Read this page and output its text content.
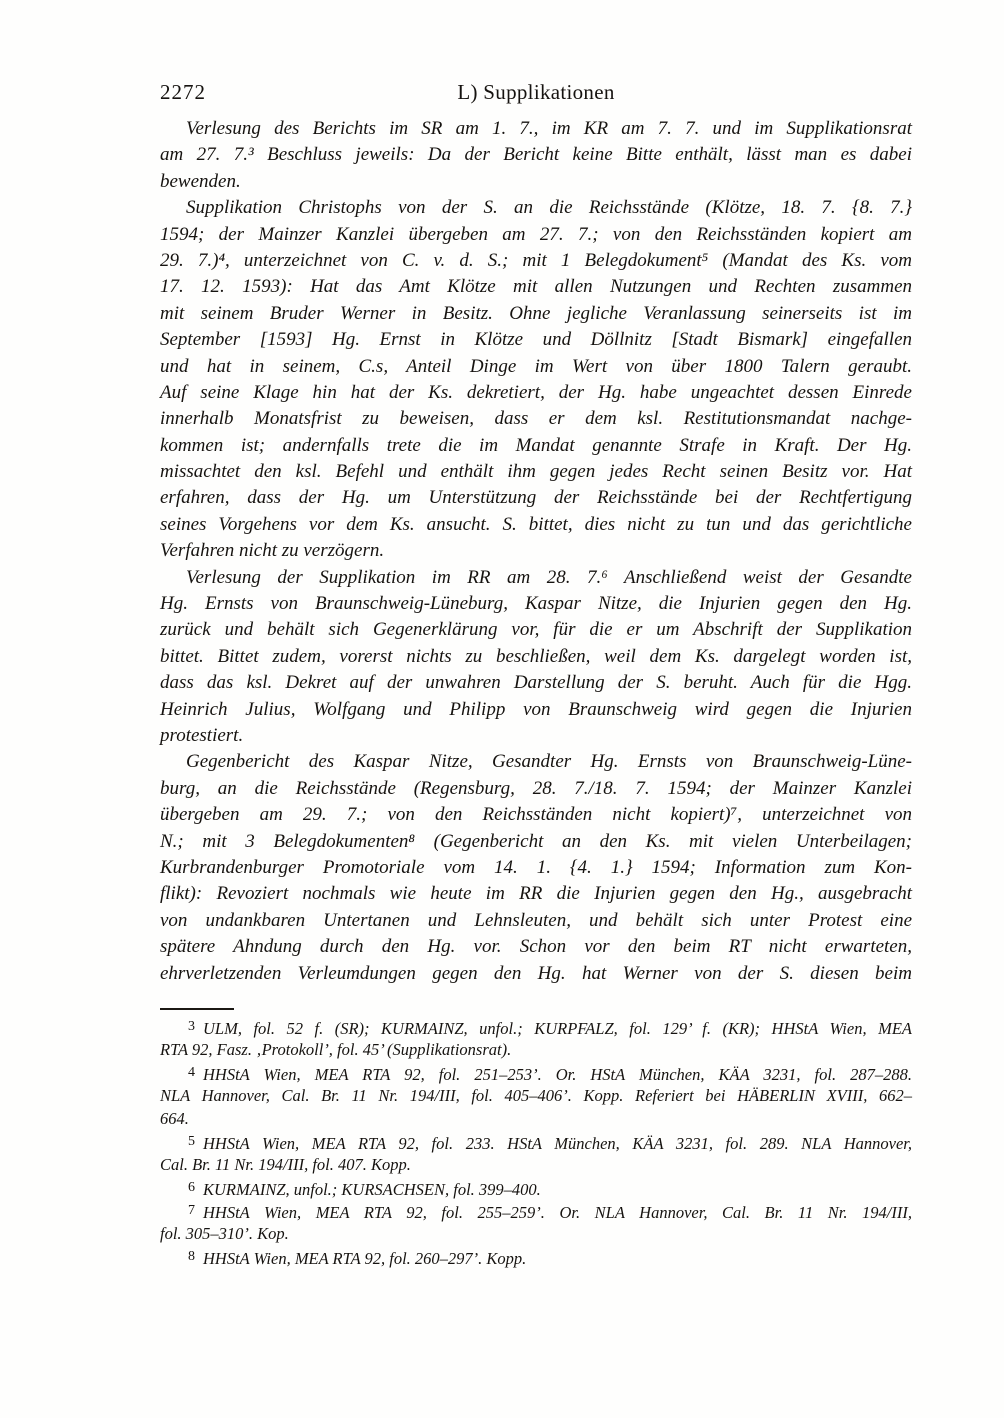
2272	L) Supplikationen
Verlesung des Berichts im SR am 1. 7., im KR am 7. 7. und im Supplikationsrat
am 27. 7.³ Beschluss jeweils: Da der Bericht keine Bitte enthält, lässt man es dabei
bewenden.
Supplikation Christophs von der S. an die Reichsstände (Klötze, 18. 7. {8. 7.}
1594; der Mainzer Kanzlei übergeben am 27. 7.; von den Reichsständen kopiert am
29. 7.)⁴, unterzeichnet von C. v. d. S.; mit 1 Belegdokument⁵ (Mandat des Ks. vom
17. 12. 1593): Hat das Amt Klötze mit allen Nutzungen und Rechten zusammen
mit seinem Bruder Werner in Besitz. Ohne jegliche Veranlassung seinerseits ist im
September [1593] Hg. Ernst in Klötze und Döllnitz [Stadt Bismark] eingefallen
und hat in seinem, C.s, Anteil Dinge im Wert von über 1800 Talern geraubt.
Auf seine Klage hin hat der Ks. dekretiert, der Hg. habe ungeachtet dessen Einrede
innerhalb Monatsfrist zu beweisen, dass er dem ksl. Restitutionsmandat nachge-
kommen ist; andernfalls trete die im Mandat genannte Strafe in Kraft. Der Hg.
missachtet den ksl. Befehl und enthält ihm gegen jedes Recht seinen Besitz vor. Hat
erfahren, dass der Hg. um Unterstützung der Reichsstände bei der Rechtfertigung
seines Vorgehens vor dem Ks. ansucht. S. bittet, dies nicht zu tun und das gerichtliche
Verfahren nicht zu verzögern.
Verlesung der Supplikation im RR am 28. 7.⁶ Anschließend weist der Gesandte
Hg. Ernsts von Braunschweig-Lüneburg, Kaspar Nitze, die Injurien gegen den Hg.
zurück und behält sich Gegenerklärung vor, für die er um Abschrift der Supplikation
bittet. Bittet zudem, vorerst nichts zu beschließen, weil dem Ks. dargelegt worden ist,
dass das ksl. Dekret auf der unwahren Darstellung der S. beruht. Auch für die Hgg.
Heinrich Julius, Wolfgang und Philipp von Braunschweig wird gegen die Injurien
protestiert.
Gegenbericht des Kaspar Nitze, Gesandter Hg. Ernsts von Braunschweig-Lüne-
burg, an die Reichsstände (Regensburg, 28. 7./18. 7. 1594; der Mainzer Kanzlei
übergeben am 29. 7.; von den Reichsständen nicht kopiert)⁷, unterzeichnet von
N.; mit 3 Belegdokumenten⁸ (Gegenbericht an den Ks. mit vielen Unterbeilagen;
Kurbrandenburger Promotoriale vom 14. 1. {4. 1.} 1594; Information zum Kon-
flikt): Revoziert nochmals wie heute im RR die Injurien gegen den Hg., ausgebracht
von undankbaren Untertanen und Lehnsleuten, und behält sich unter Protest eine
spätere Ahndung durch den Hg. vor. Schon vor den beim RT nicht erwarteten,
ehrverletzenden Verleumdungen gegen den Hg. hat Werner von der S. diesen beim
$^3$ ULM, fol. 52 f. (SR); KURMAINZ, unfol.; KURPFALZ, fol. 129’ f. (KR); HHStA Wien, MEA
RTA 92, Fasz. ‚Protokoll’, fol. 45’ (Supplikationsrat).
$^4$ HHStA Wien, MEA RTA 92, fol. 251–253’. Or. HStA München, KÄA 3231, fol. 287–288.
NLA Hannover, Cal. Br. 11 Nr. 194/III, fol. 405–406’. Kopp. Referiert bei HÄBERLIN XVIII, 662–
664.
$^5$ HHStA Wien, MEA RTA 92, fol. 233. HStA München, KÄA 3231, fol. 289. NLA Hannover,
Cal. Br. 11 Nr. 194/III, fol. 407. Kopp.
$^6$ KURMAINZ, unfol.; KURSACHSEN, fol. 399–400.
$^7$ HHStA Wien, MEA RTA 92, fol. 255–259’. Or. NLA Hannover, Cal. Br. 11 Nr. 194/III,
fol. 305–310’. Kop.
$^8$ HHStA Wien, MEA RTA 92, fol. 260–297’. Kopp.
